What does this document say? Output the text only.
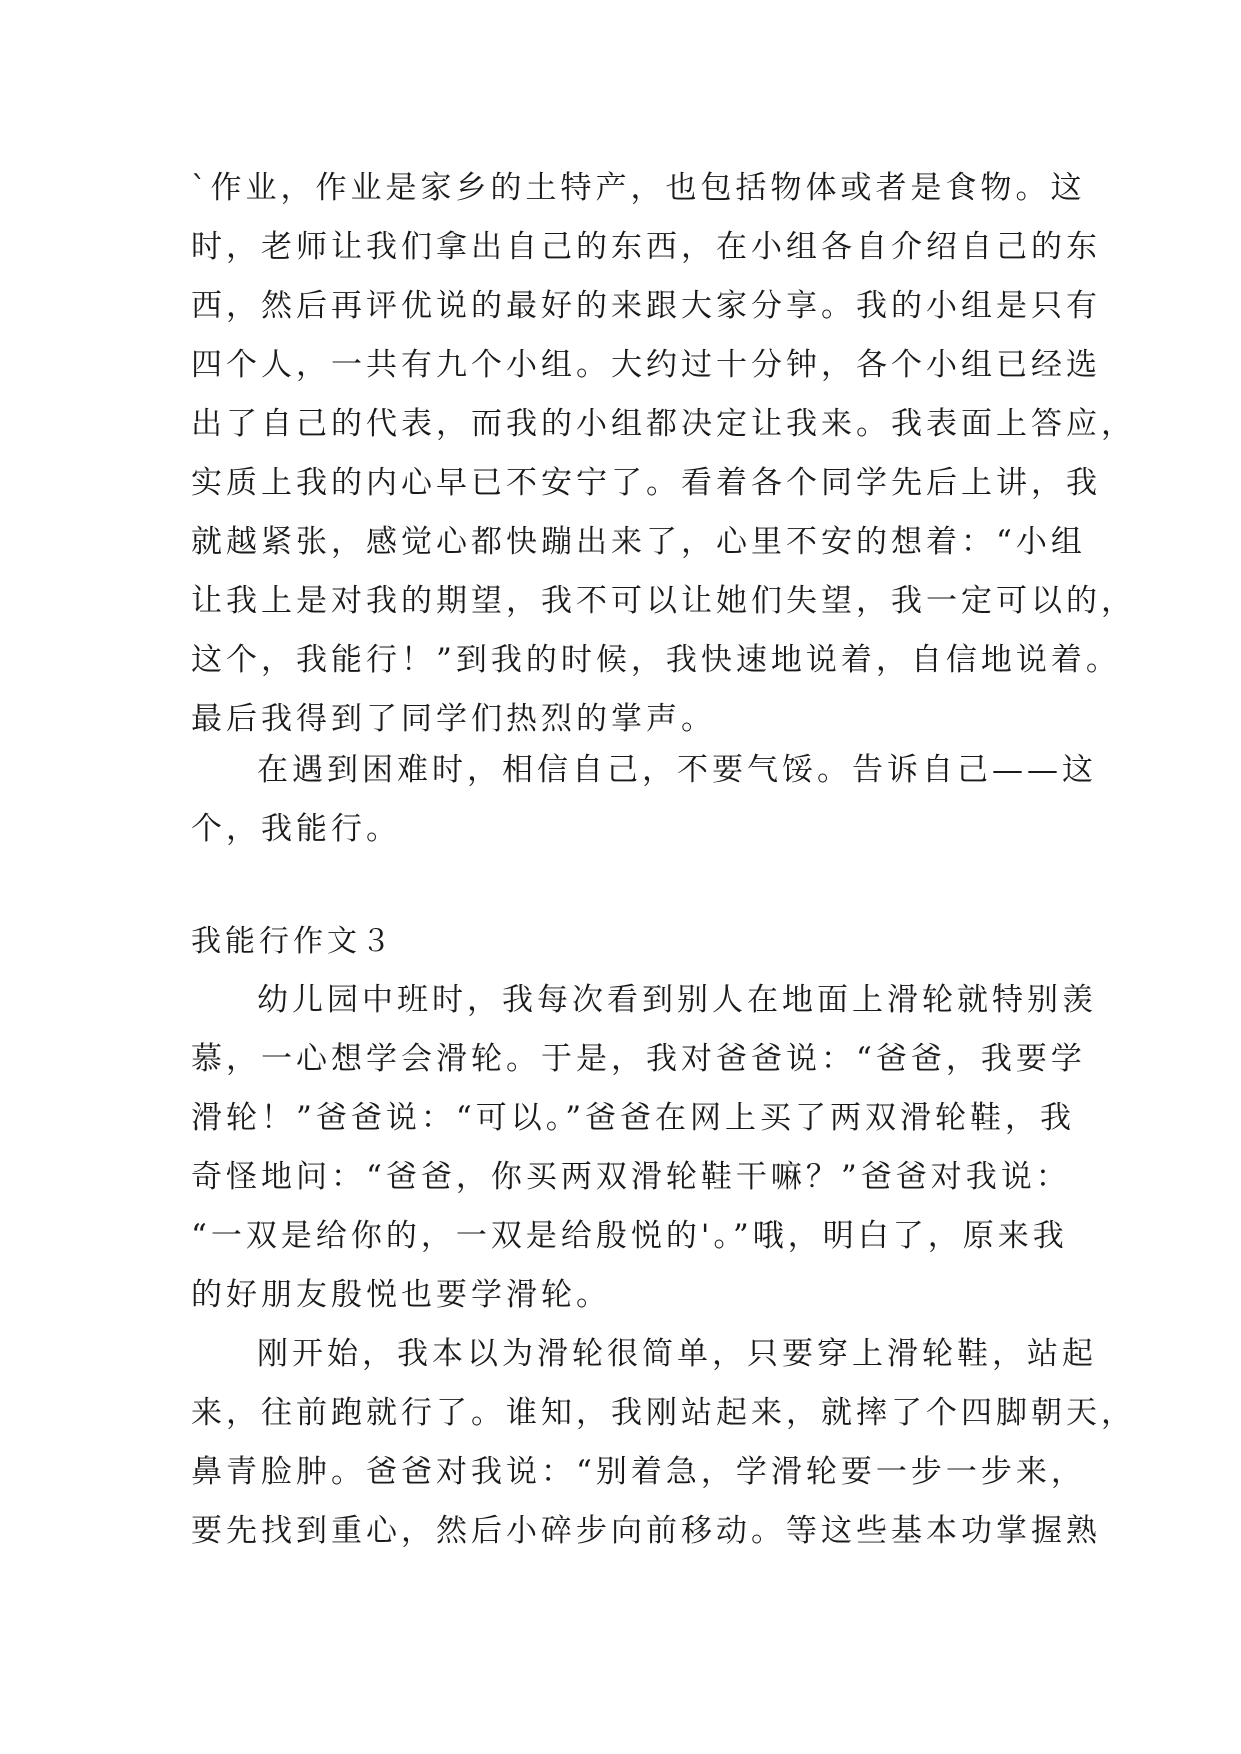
`作业，作业是家乡的土特产，也包括物体或者是食物。这
时，老师让我们拿出自己的东西，在小组各自介绍自己的东
西，然后再评优说的最好的来跟大家分享。我的小组是只有
四个人，一共有九个小组。大约过十分钟，各个小组已经选
出了自己的代表，而我的小组都决定让我来。我表面上答应，
实质上我的内心早已不安宁了。看着各个同学先后上讲，我
就越紧张，感觉心都快蹦出来了，心里不安的想着：“小组
让我上是对我的期望，我不可以让她们失望，我一定可以的，
这个，我能行！”到我的时候，我快速地说着，自信地说着。
最后我得到了同学们热烈的掌声。
在遇到困难时，相信自己，不要气馁。告诉自己——这
个，我能行。
我能行作文３
幼儿园中班时，我每次看到别人在地面上滑轮就特别羡
慕，一心想学会滑轮。于是，我对爸爸说：“爸爸，我要学
滑轮！”爸爸说：“可以。”爸爸在网上买了两双滑轮鞋，我
奇怪地问：“爸爸，你买两双滑轮鞋干嘛？”爸爸对我说：
“一双是给你的，一双是给殷悦的'。”哦，明白了，原来我
的好朋友殷悦也要学滑轮。
刚开始，我本以为滑轮很简单，只要穿上滑轮鞋，站起
来，往前跑就行了。谁知，我刚站起来，就摔了个四脚朝天，
鼻青脸肿。爸爸对我说：“别着急，学滑轮要一步一步来，
要先找到重心，然后小碎步向前移动。等这些基本功掌握熟
